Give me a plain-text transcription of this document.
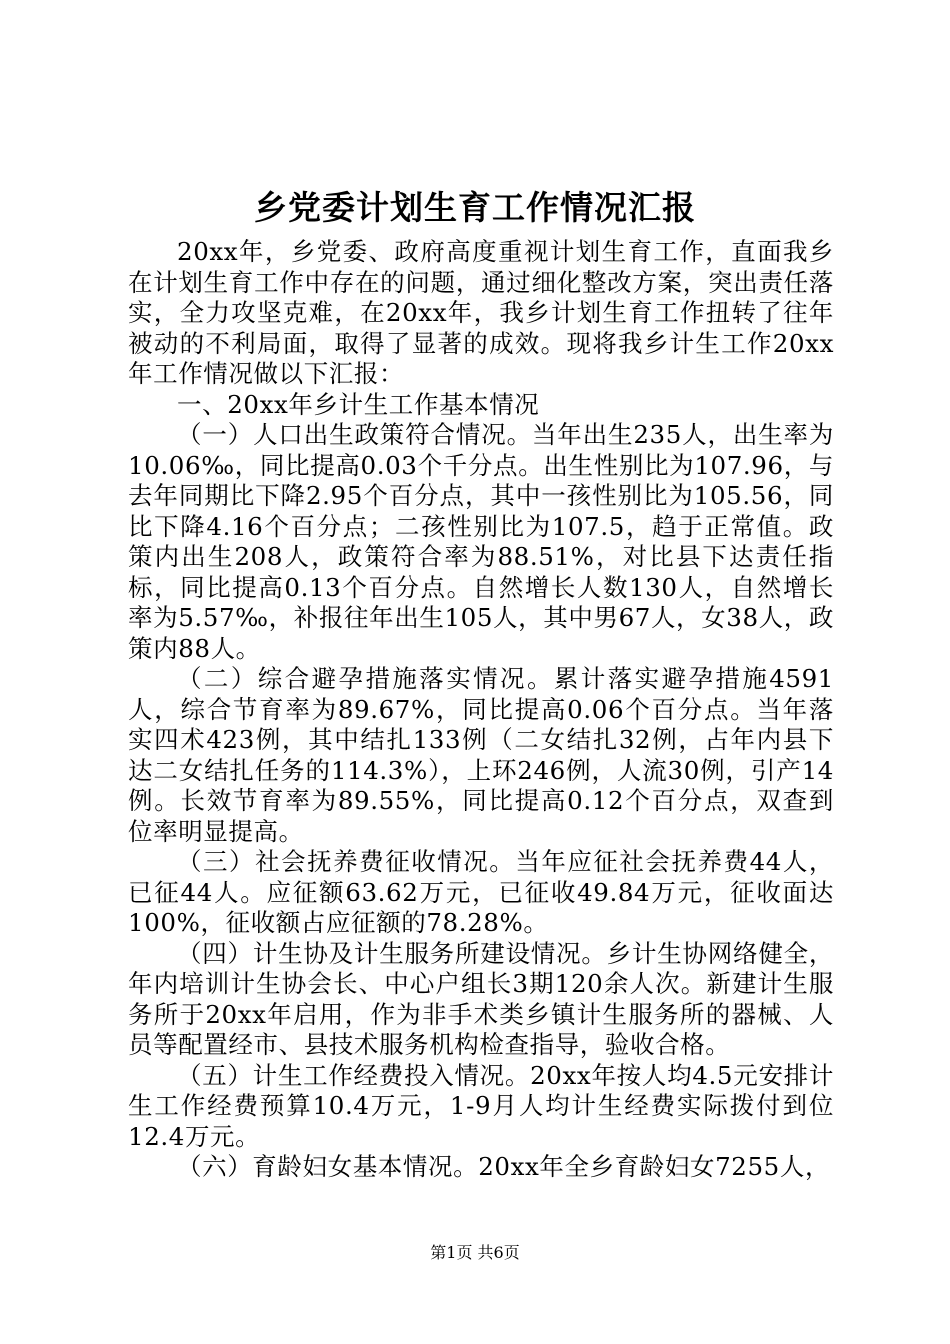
乡党委计划生育工作情况汇报

20xx年，乡党委、政府高度重视计划生育工作，直面我乡在计划生育工作中存在的问题，通过细化整改方案，突出责任落实，全力攻坚克难，在20xx年，我乡计划生育工作扭转了往年被动的不利局面，取得了显著的成效。现将我乡计生工作20xx年工作情况做以下汇报：

一、20xx年乡计生工作基本情况

（一）人口出生政策符合情况。当年出生235人，出生率为10.06‰，同比提高0.03个千分点。出生性别比为107.96，与去年同期比下降2.95个百分点，其中一孩性别比为105.56，同比下降4.16个百分点；二孩性别比为107.5，趋于正常值。政策内出生208人，政策符合率为88.51%，对比县下达责任指标，同比提高0.13个百分点。自然增长人数130人，自然增长率为5.57‰，补报往年出生105人，其中男67人，女38人，政策内88人。

（二）综合避孕措施落实情况。累计落实避孕措施4591人，综合节育率为89.67%，同比提高0.06个百分点。当年落实四术423例，其中结扎133例（二女结扎32例，占年内县下达二女结扎任务的114.3%），上环246例，人流30例，引产14例。长效节育率为89.55%，同比提高0.12个百分点，双查到位率明显提高。

（三）社会抚养费征收情况。当年应征社会抚养费44人，已征44人。应征额63.62万元，已征收49.84万元，征收面达100%，征收额占应征额的78.28%。

（四）计生协及计生服务所建设情况。乡计生协网络健全，年内培训计生协会长、中心户组长3期120余人次。新建计生服务所于20xx年启用，作为非手术类乡镇计生服务所的器械、人员等配置经市、县技术服务机构检查指导，验收合格。

（五）计生工作经费投入情况。20xx年按人均4.5元安排计生工作经费预算10.4万元，1-9月人均计生经费实际拨付到位12.4万元。

（六）育龄妇女基本情况。20xx年全乡育龄妇女7255人，

第1页 共6页
